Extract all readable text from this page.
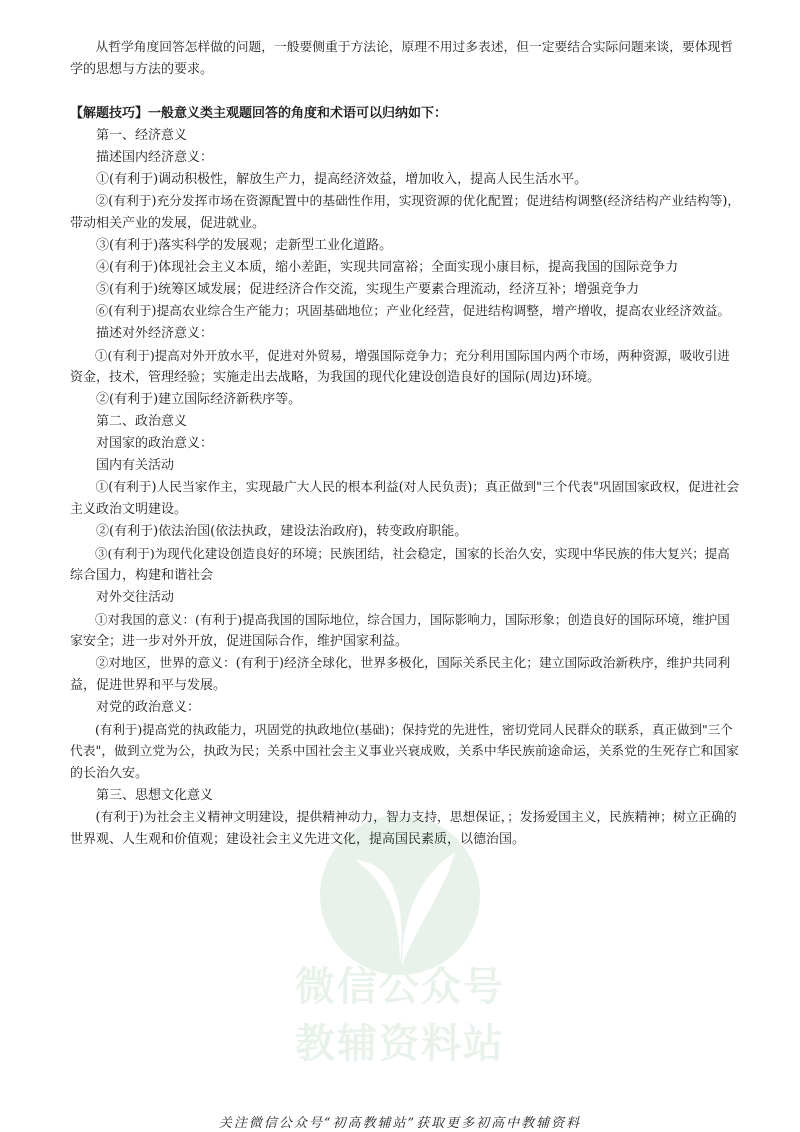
微信公众号
教辅资料站
　　从哲学角度回答怎样做的问题，一般要侧重于方法论，原理不用过多表述，但一定要结合实际问题来谈，要体现哲
学的思想与方法的要求。
【解题技巧】一般意义类主观题回答的角度和术语可以归纳如下：
　　第一、经济意义
　　描述国内经济意义：
　　①(有利于)调动积极性，解放生产力，提高经济效益，增加收入，提高人民生活水平。
　　②(有利于)充分发挥市场在资源配置中的基础性作用，实现资源的优化配置；促进结构调整(经济结构产业结构等)，
带动相关产业的发展，促进就业。
　　③(有利于)落实科学的发展观；走新型工业化道路。
　　④(有利于)体现社会主义本质，缩小差距，实现共同富裕；全面实现小康目标，提高我国的国际竞争力
　　⑤(有利于)统筹区域发展；促进经济合作交流，实现生产要素合理流动，经济互补；增强竞争力
　　⑥(有利于)提高农业综合生产能力；巩固基础地位；产业化经营，促进结构调整，增产增收，提高农业经济效益。
　　描述对外经济意义：
　　①(有利于)提高对外开放水平，促进对外贸易，增强国际竞争力；充分利用国际国内两个市场，两种资源，吸收引进
资金，技术，管理经验；实施走出去战略，为我国的现代化建设创造良好的国际(周边)环境。
　　②(有利于)建立国际经济新秩序等。
　　第二、政治意义
　　对国家的政治意义：
　　国内有关活动
　　①(有利于)人民当家作主，实现最广大人民的根本利益(对人民负责)；真正做到"三个代表"巩固国家政权，促进社会
主义政治文明建设。
　　②(有利于)依法治国(依法执政，建设法治政府)，转变政府职能。
　　③(有利于)为现代化建设创造良好的环境；民族团结，社会稳定，国家的长治久安，实现中华民族的伟大复兴；提高
综合国力，构建和谐社会
　　对外交往活动
　　①对我国的意义：(有利于)提高我国的国际地位，综合国力，国际影响力，国际形象；创造良好的国际环境，维护国
家安全；进一步对外开放，促进国际合作，维护国家利益。
　　②对地区，世界的意义：(有利于)经济全球化，世界多极化，国际关系民主化；建立国际政治新秩序，维护共同利
益，促进世界和平与发展。
　　对党的政治意义：
　　(有利于)提高党的执政能力，巩固党的执政地位(基础)；保持党的先进性，密切党同人民群众的联系，真正做到"三个
代表"，做到立党为公，执政为民；关系中国社会主义事业兴衰成败，关系中华民族前途命运，关系党的生死存亡和国家
的长治久安。
　　第三、思想文化意义
　　(有利于)为社会主义精神文明建设，提供精神动力，智力支持，思想保证，；发扬爱国主义，民族精神；树立正确的
世界观、人生观和价值观；建设社会主义先进文化，提高国民素质，以德治国。
关注微信公众号“初高教辅站”获取更多初高中教辅资料
